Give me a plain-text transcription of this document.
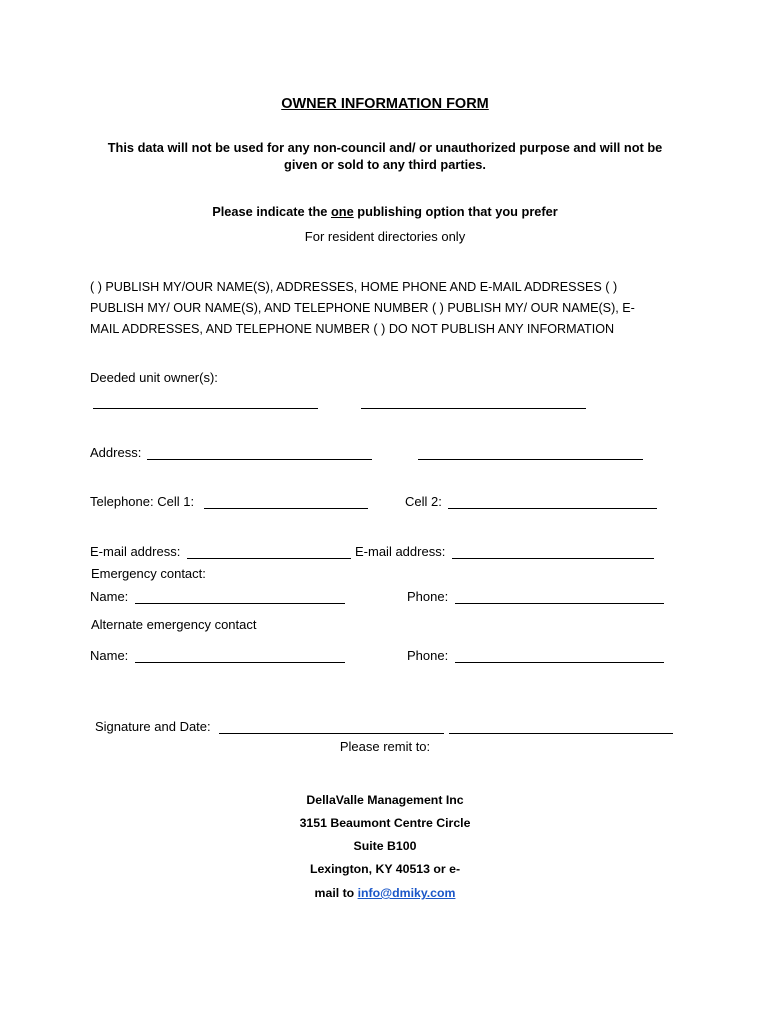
OWNER INFORMATION FORM
This data will not be used for any non-council and/ or unauthorized purpose and will not be
given or sold to any third parties.
Please indicate the one publishing option that you prefer
For resident directories only
( ) PUBLISH MY/OUR NAME(S), ADDRESSES, HOME PHONE AND E-MAIL ADDRESSES ( )
PUBLISH MY/ OUR NAME(S), AND TELEPHONE NUMBER ( ) PUBLISH MY/ OUR NAME(S), E-
MAIL ADDRESSES, AND TELEPHONE NUMBER ( ) DO NOT PUBLISH ANY INFORMATION
Deeded unit owner(s):
Address:
Telephone: Cell 1:	Cell 2:
E-mail address:	E-mail address:
Emergency contact:
Name:	Phone:
Alternate emergency contact
Name:	Phone:
Signature and Date:
Please remit to:
DellaValle Management Inc
3151 Beaumont Centre Circle
Suite B100
Lexington, KY 40513 or e-
mail to info@dmiky.com
